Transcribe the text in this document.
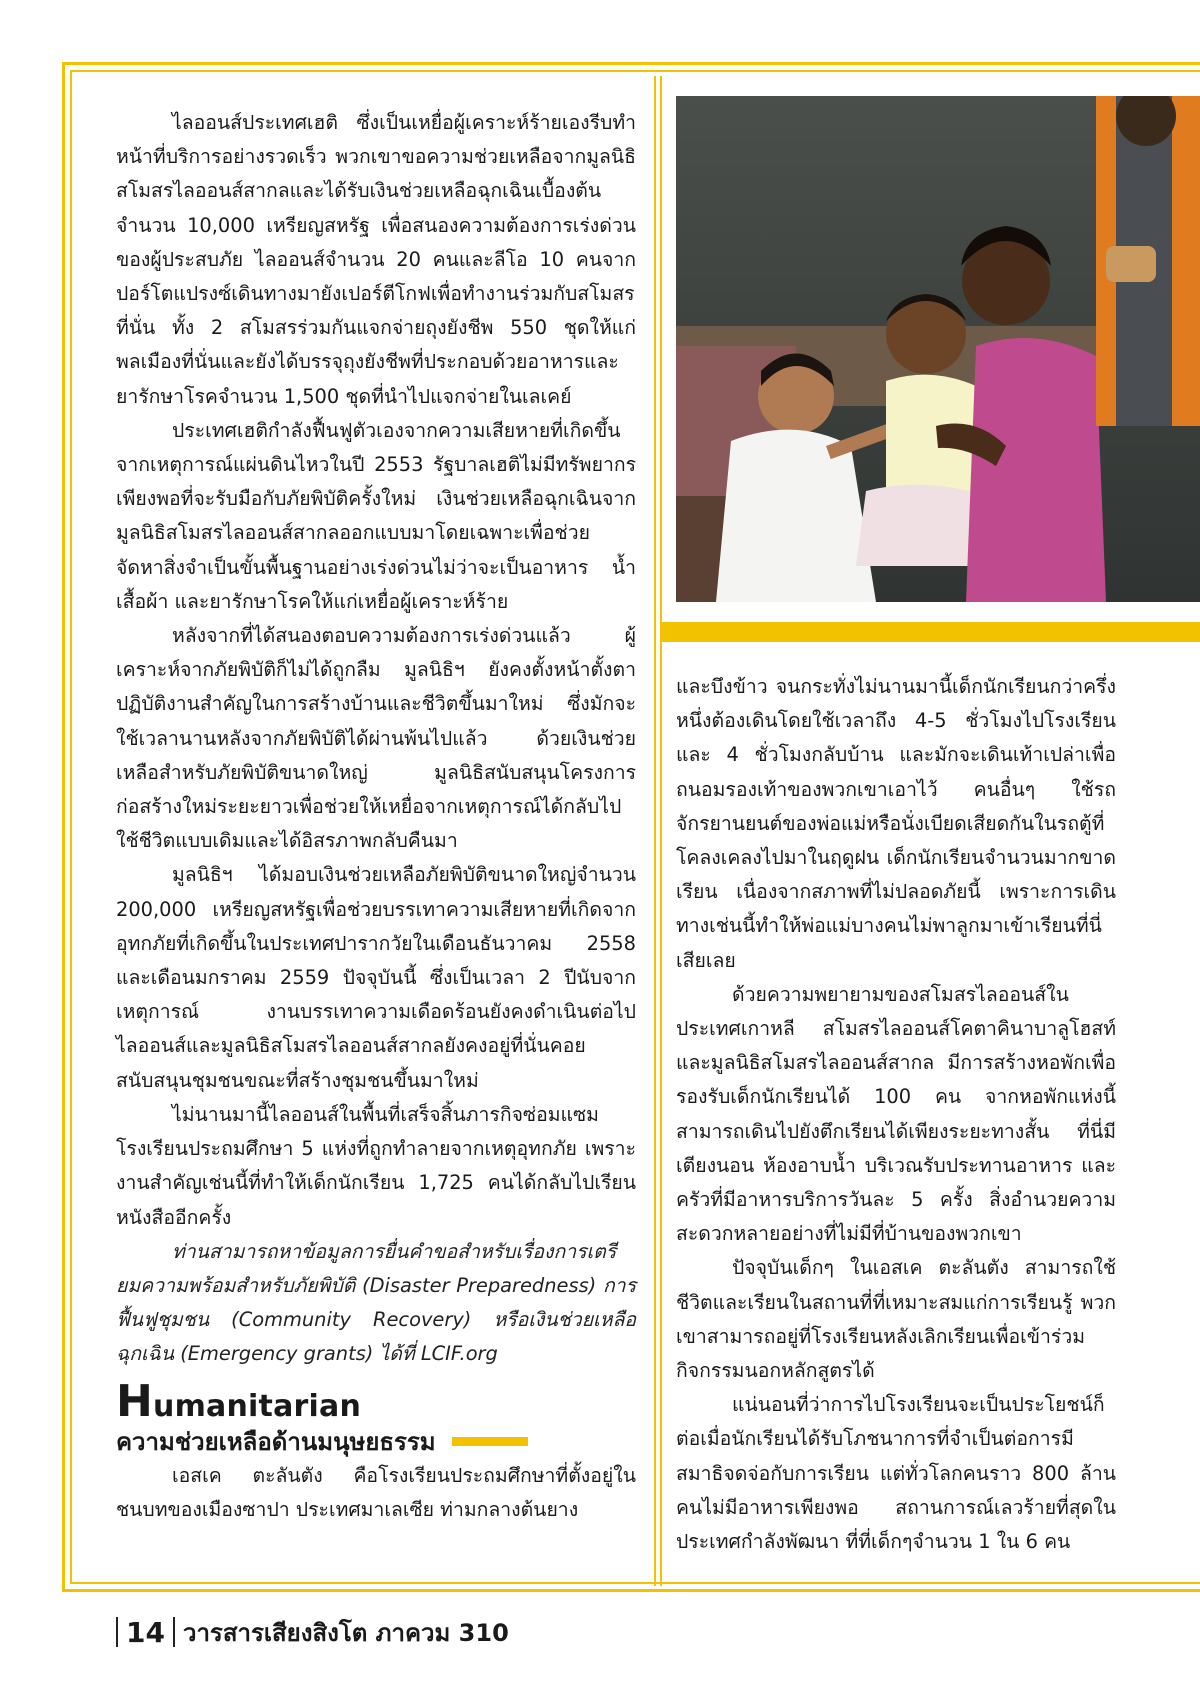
ไลออนส์ประเทศเฮติ ซึ่งเป็นเหยื่อผู้เคราะห์ร้ายเองรีบทำหน้าที่บริการอย่างรวดเร็ว พวกเขาขอความช่วยเหลือจากมูลนิธิสโมสรไลออนส์สากลและได้รับเงินช่วยเหลือฉุกเฉินเบื้องต้นจำนวน 10,000 เหรียญสหรัฐ เพื่อสนองความต้องการเร่งด่วนของผู้ประสบภัย ไลออนส์จำนวน 20 คนและลีโอ 10 คนจากปอร์โตแปรงซ์เดินทางมายังเปอร์ตีโกฟเพื่อทำงานร่วมกับสโมสรที่นั่น ทั้ง 2 สโมสรร่วมกันแจกจ่ายถุงยังชีพ 550 ชุดให้แก่พลเมืองที่นั่นและยังได้บรรจุถุงยังชีพที่ประกอบด้วยอาหารและยารักษาโรคจำนวน 1,500 ชุดที่นำไปแจกจ่ายในเลเคย์

ประเทศเฮติกำลังฟื้นฟูตัวเองจากความเสียหายที่เกิดขึ้นจากเหตุการณ์แผ่นดินไหวในปี 2553 รัฐบาลเฮติไม่มีทรัพยากรเพียงพอที่จะรับมือกับภัยพิบัติครั้งใหม่ เงินช่วยเหลือฉุกเฉินจากมูลนิธิสโมสรไลออนส์สากลออกแบบมาโดยเฉพาะเพื่อช่วยจัดหาสิ่งจำเป็นขั้นพื้นฐานอย่างเร่งด่วนไม่ว่าจะเป็นอาหาร น้ำ เสื้อผ้า และยารักษาโรคให้แก่เหยื่อผู้เคราะห์ร้าย

หลังจากที่ได้สนองตอบความต้องการเร่งด่วนแล้ว ผู้เคราะห์จากภัยพิบัติก็ไม่ได้ถูกลืม มูลนิธิฯ ยังคงตั้งหน้าตั้งตาปฏิบัติงานสำคัญในการสร้างบ้านและชีวิตขึ้นมาใหม่ ซึ่งมักจะใช้เวลานานหลังจากภัยพิบัติได้ผ่านพ้นไปแล้ว ด้วยเงินช่วยเหลือสำหรับภัยพิบัติขนาดใหญ่ มูลนิธิสนับสนุนโครงการก่อสร้างใหม่ระยะยาวเพื่อช่วยให้เหยื่อจากเหตุการณ์ได้กลับไปใช้ชีวิตแบบเดิมและได้อิสรภาพกลับคืนมา

มูลนิธิฯ ได้มอบเงินช่วยเหลือภัยพิบัติขนาดใหญ่จำนวน 200,000 เหรียญสหรัฐเพื่อช่วยบรรเทาความเสียหายที่เกิดจากอุทกภัยที่เกิดขึ้นในประเทศปารากวัยในเดือนธันวาคม 2558 และเดือนมกราคม 2559 ปัจจุบันนี้ ซึ่งเป็นเวลา 2 ปีนับจากเหตุการณ์ งานบรรเทาความเดือดร้อนยังคงดำเนินต่อไป ไลออนส์และมูลนิธิสโมสรไลออนส์สากลยังคงอยู่ที่นั่นคอยสนับสนุนชุมชนขณะที่สร้างชุมชนขึ้นมาใหม่

ไม่นานมานี้ไลออนส์ในพื้นที่เสร็จสิ้นภารกิจซ่อมแซมโรงเรียนประถมศึกษา 5 แห่งที่ถูกทำลายจากเหตุอุทกภัย เพราะงานสำคัญเช่นนี้ที่ทำให้เด็กนักเรียน 1,725 คนได้กลับไปเรียนหนังสืออีกครั้ง

ท่านสามารถหาข้อมูลการยื่นคำขอสำหรับเรื่องการเตรียมความพร้อมสำหรับภัยพิบัติ (Disaster Preparedness) การฟื้นฟูชุมชน (Community Recovery) หรือเงินช่วยเหลือฉุกเฉิน (Emergency grants) ได้ที่ LCIF.org

Humanitarian
ความช่วยเหลือด้านมนุษยธรรม

เอสเค ตะลันตัง คือโรงเรียนประถมศึกษาที่ตั้งอยู่ในชนบทของเมืองซาปา ประเทศมาเลเซีย ท่ามกลางต้นยาง

และบึงข้าว จนกระทั่งไม่นานมานี้เด็กนักเรียนกว่าครึ่งหนึ่งต้องเดินโดยใช้เวลาถึง 4-5 ชั่วโมงไปโรงเรียนและ 4 ชั่วโมงกลับบ้าน และมักจะเดินเท้าเปล่าเพื่อถนอมรองเท้าของพวกเขาเอาไว้ คนอื่นๆ ใช้รถจักรยานยนต์ของพ่อแม่หรือนั่งเบียดเสียดกันในรถตู้ที่โคลงเคลงไปมาในฤดูฝน เด็กนักเรียนจำนวนมากขาดเรียน เนื่องจากสภาพที่ไม่ปลอดภัยนี้ เพราะการเดินทางเช่นนี้ทำให้พ่อแม่บางคนไม่พาลูกมาเข้าเรียนที่นี่เสียเลย

ด้วยความพยายามของสโมสรไลออนส์ในประเทศเกาหลี สโมสรไลออนส์โคตาคินาบาลูโฮสท์และมูลนิธิสโมสรไลออนส์สากล มีการสร้างหอพักเพื่อรองรับเด็กนักเรียนได้ 100 คน จากหอพักแห่งนี้สามารถเดินไปยังตึกเรียนได้เพียงระยะทางสั้น ที่นี่มีเตียงนอน ห้องอาบน้ำ บริเวณรับประทานอาหาร และครัวที่มีอาหารบริการวันละ 5 ครั้ง สิ่งอำนวยความสะดวกหลายอย่างที่ไม่มีที่บ้านของพวกเขา

ปัจจุบันเด็กๆ ในเอสเค ตะลันตัง สามารถใช้ชีวิตและเรียนในสถานที่ที่เหมาะสมแก่การเรียนรู้ พวกเขาสามารถอยู่ที่โรงเรียนหลังเลิกเรียนเพื่อเข้าร่วมกิจกรรมนอกหลักสูตรได้

แน่นอนที่ว่าการไปโรงเรียนจะเป็นประโยชน์ก็ต่อเมื่อนักเรียนได้รับโภชนาการที่จำเป็นต่อการมีสมาธิจดจ่อกับการเรียน แต่ทั่วโลกคนราว 800 ล้านคนไม่มีอาหารเพียงพอ สถานการณ์เลวร้ายที่สุดในประเทศกำลังพัฒนา ที่ที่เด็กๆจำนวน 1 ใน 6 คน

14 วารสารเสียงสิงโต ภาควม 310
